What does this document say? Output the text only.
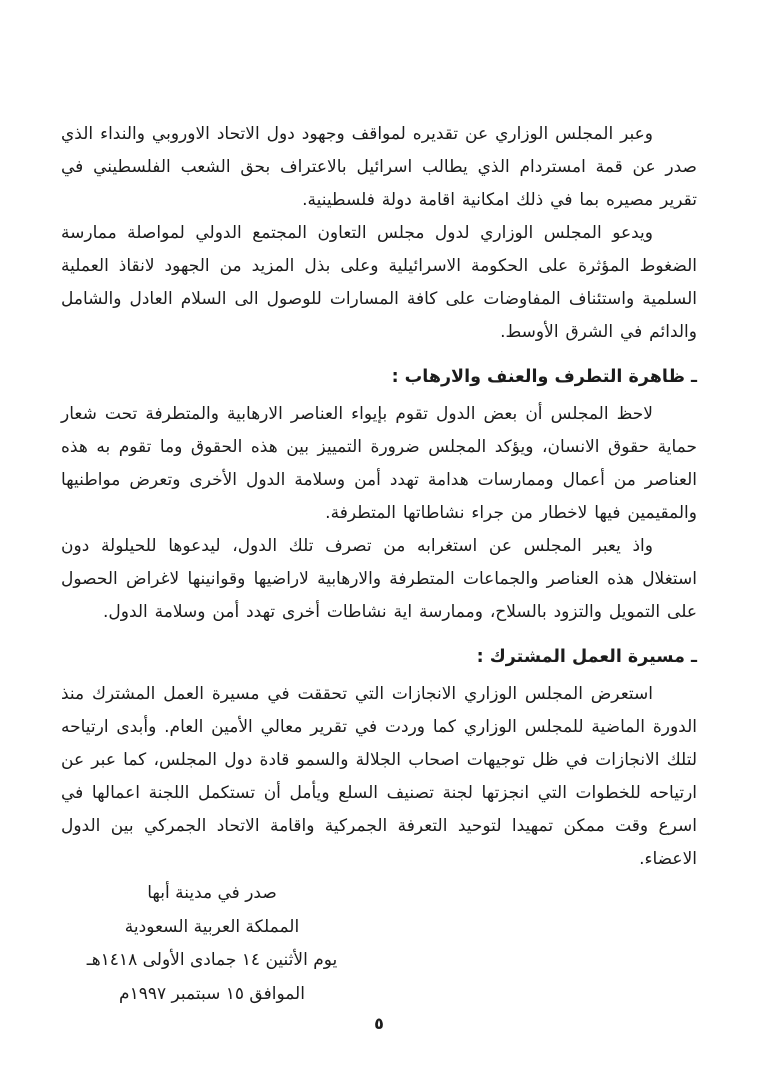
وعبر المجلس الوزاري عن تقديره لمواقف وجهود دول الاتحاد الاوروبي والنداء الذي صدر عن قمة امستردام الذي يطالب اسرائيل بالاعتراف بحق الشعب الفلسطيني في تقرير مصيره بما في ذلك امكانية اقامة دولة فلسطينية.

ويدعو المجلس الوزاري لدول مجلس التعاون المجتمع الدولي لمواصلة ممارسة الضغوط المؤثرة على الحكومة الاسرائيلية وعلى بذل المزيد من الجهود لانقاذ العملية السلمية واستئناف المفاوضات على كافة المسارات للوصول الى السلام العادل والشامل والدائم في الشرق الأوسط.

ـ ظاهرة التطرف والعنف والارهاب :

لاحظ المجلس أن بعض الدول تقوم بإيواء العناصر الارهابية والمتطرفة تحت شعار حماية حقوق الانسان، ويؤكد المجلس ضرورة التمييز بين هذه الحقوق وما تقوم به هذه العناصر من أعمال وممارسات هدامة تهدد أمن وسلامة الدول الأخرى وتعرض مواطنيها والمقيمين فيها لاخطار من جراء نشاطاتها المتطرفة.

واذ يعبر المجلس عن استغرابه من تصرف تلك الدول، ليدعوها للحيلولة دون استغلال هذه العناصر والجماعات المتطرفة والارهابية لاراضيها وقوانينها لاغراض الحصول على التمويل والتزود بالسلاح، وممارسة اية نشاطات أخرى تهدد أمن وسلامة الدول.

ـ مسيرة العمل المشترك :

استعرض المجلس الوزاري الانجازات التي تحققت في مسيرة العمل المشترك منذ الدورة الماضية للمجلس الوزاري كما وردت في تقرير معالي الأمين العام. وأبدى ارتياحه لتلك الانجازات في ظل توجيهات اصحاب الجلالة والسمو قادة دول المجلس، كما عبر عن ارتياحه للخطوات التي انجزتها لجنة تصنيف السلع ويأمل أن تستكمل اللجنة اعمالها في اسرع وقت ممكن تمهيدا لتوحيد التعرفة الجمركية واقامة الاتحاد الجمركي بين الدول الاعضاء.

صدر في مدينة أبها
المملكة العربية السعودية
يوم الأثنين ١٤ جمادى الأولى ١٤١٨هـ
الموافق ١٥ سبتمبر ١٩٩٧م
٥
